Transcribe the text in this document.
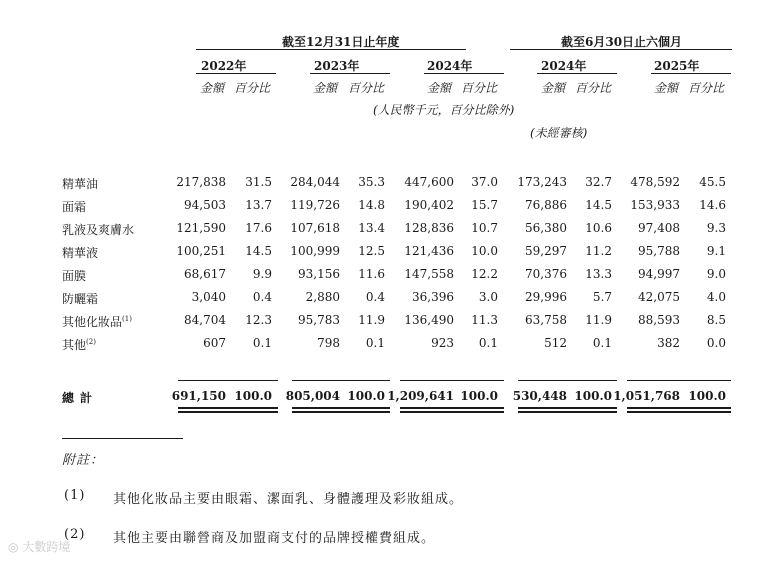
截至12月31日止年度	截至6月30日止六個月
2022年	2023年	2024年	2024年	2025年
金額 百分比	金額 百分比	金額 百分比	金額 百分比	金額 百分比
(人民幣千元，百分比除外)
(未經審核)
精華油	217,838 31.5 284,044 35.3 447,600 37.0 173,243 32.7 478,592 45.5
面霜	94,503 13.7 119,726 14.8 190,402 15.7 76,886 14.5 153,933 14.6
乳液及爽膚水	121,590 17.6 107,618 13.4 128,836 10.7 56,380 10.6 97,408 9.3
精華液	100,251 14.5 100,999 12.5 121,436 10.0 59,297 11.2 95,788 9.1
面膜	68,617 9.9 93,156 11.6 147,558 12.2 70,376 13.3 94,997 9.0
防曬霜	3,040 0.4	2,880 0.4 36,396 3.0 29,996 5.7 42,075 4.0
其他化妝品$^{(1)}$	84,704 12.3 95,783 11.9 136,490 11.3 63,758 11.9 88,593 8.5
其他$^{(2)}$	607 0.1	798 0.1	923 0.1	512 0.1	382 0.0
總計	691,150 100.0 805,004 100.0 1,209,641 100.0 530,448 100.0 1,051,768 100.0
附註：
(1) 其他化妝品主要由眼霜、潔面乳、身體護理及彩妝組成。
(2) 其他主要由聯營商及加盟商支付的品牌授權費組成。
◎ 大數跨境
